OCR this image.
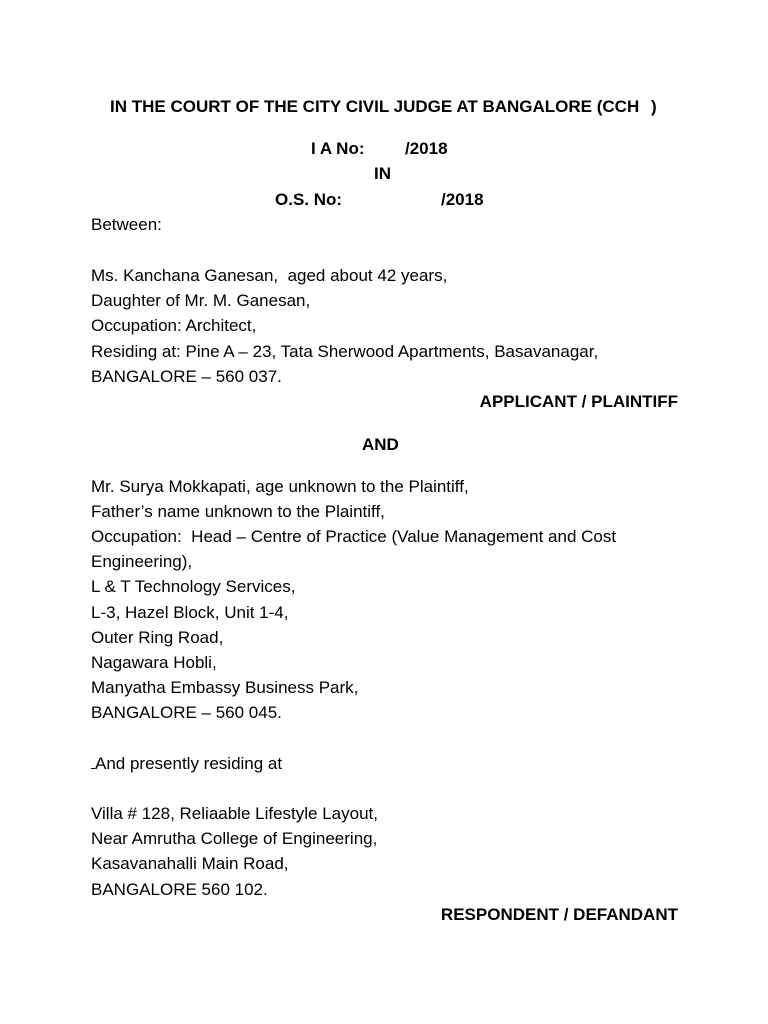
IN THE COURT OF THE CITY CIVIL JUDGE AT BANGALORE (CCH )
I A No: /2018
IN
O.S. No:	/2018
Between:
Ms. Kanchana Ganesan,  aged about 42 years,
Daughter of Mr. M. Ganesan,
Occupation: Architect,
Residing at: Pine A – 23, Tata Sherwood Apartments, Basavanagar,
BANGALORE – 560 037.
APPLICANT / PLAINTIFF
AND
Mr. Surya Mokkapati, age unknown to the Plaintiff,
Father’s name unknown to the Plaintiff,
Occupation:  Head – Centre of Practice (Value Management and Cost
Engineering),
L & T Technology Services,
L-3, Hazel Block, Unit 1-4,
Outer Ring Road,
Nagawara Hobli,
Manyatha Embassy Business Park,
BANGALORE – 560 045.
And presently residing at
Villa # 128, Reliaable Lifestyle Layout,
Near Amrutha College of Engineering,
Kasavanahalli Main Road,
BANGALORE 560 102.
RESPONDENT / DEFANDANT
